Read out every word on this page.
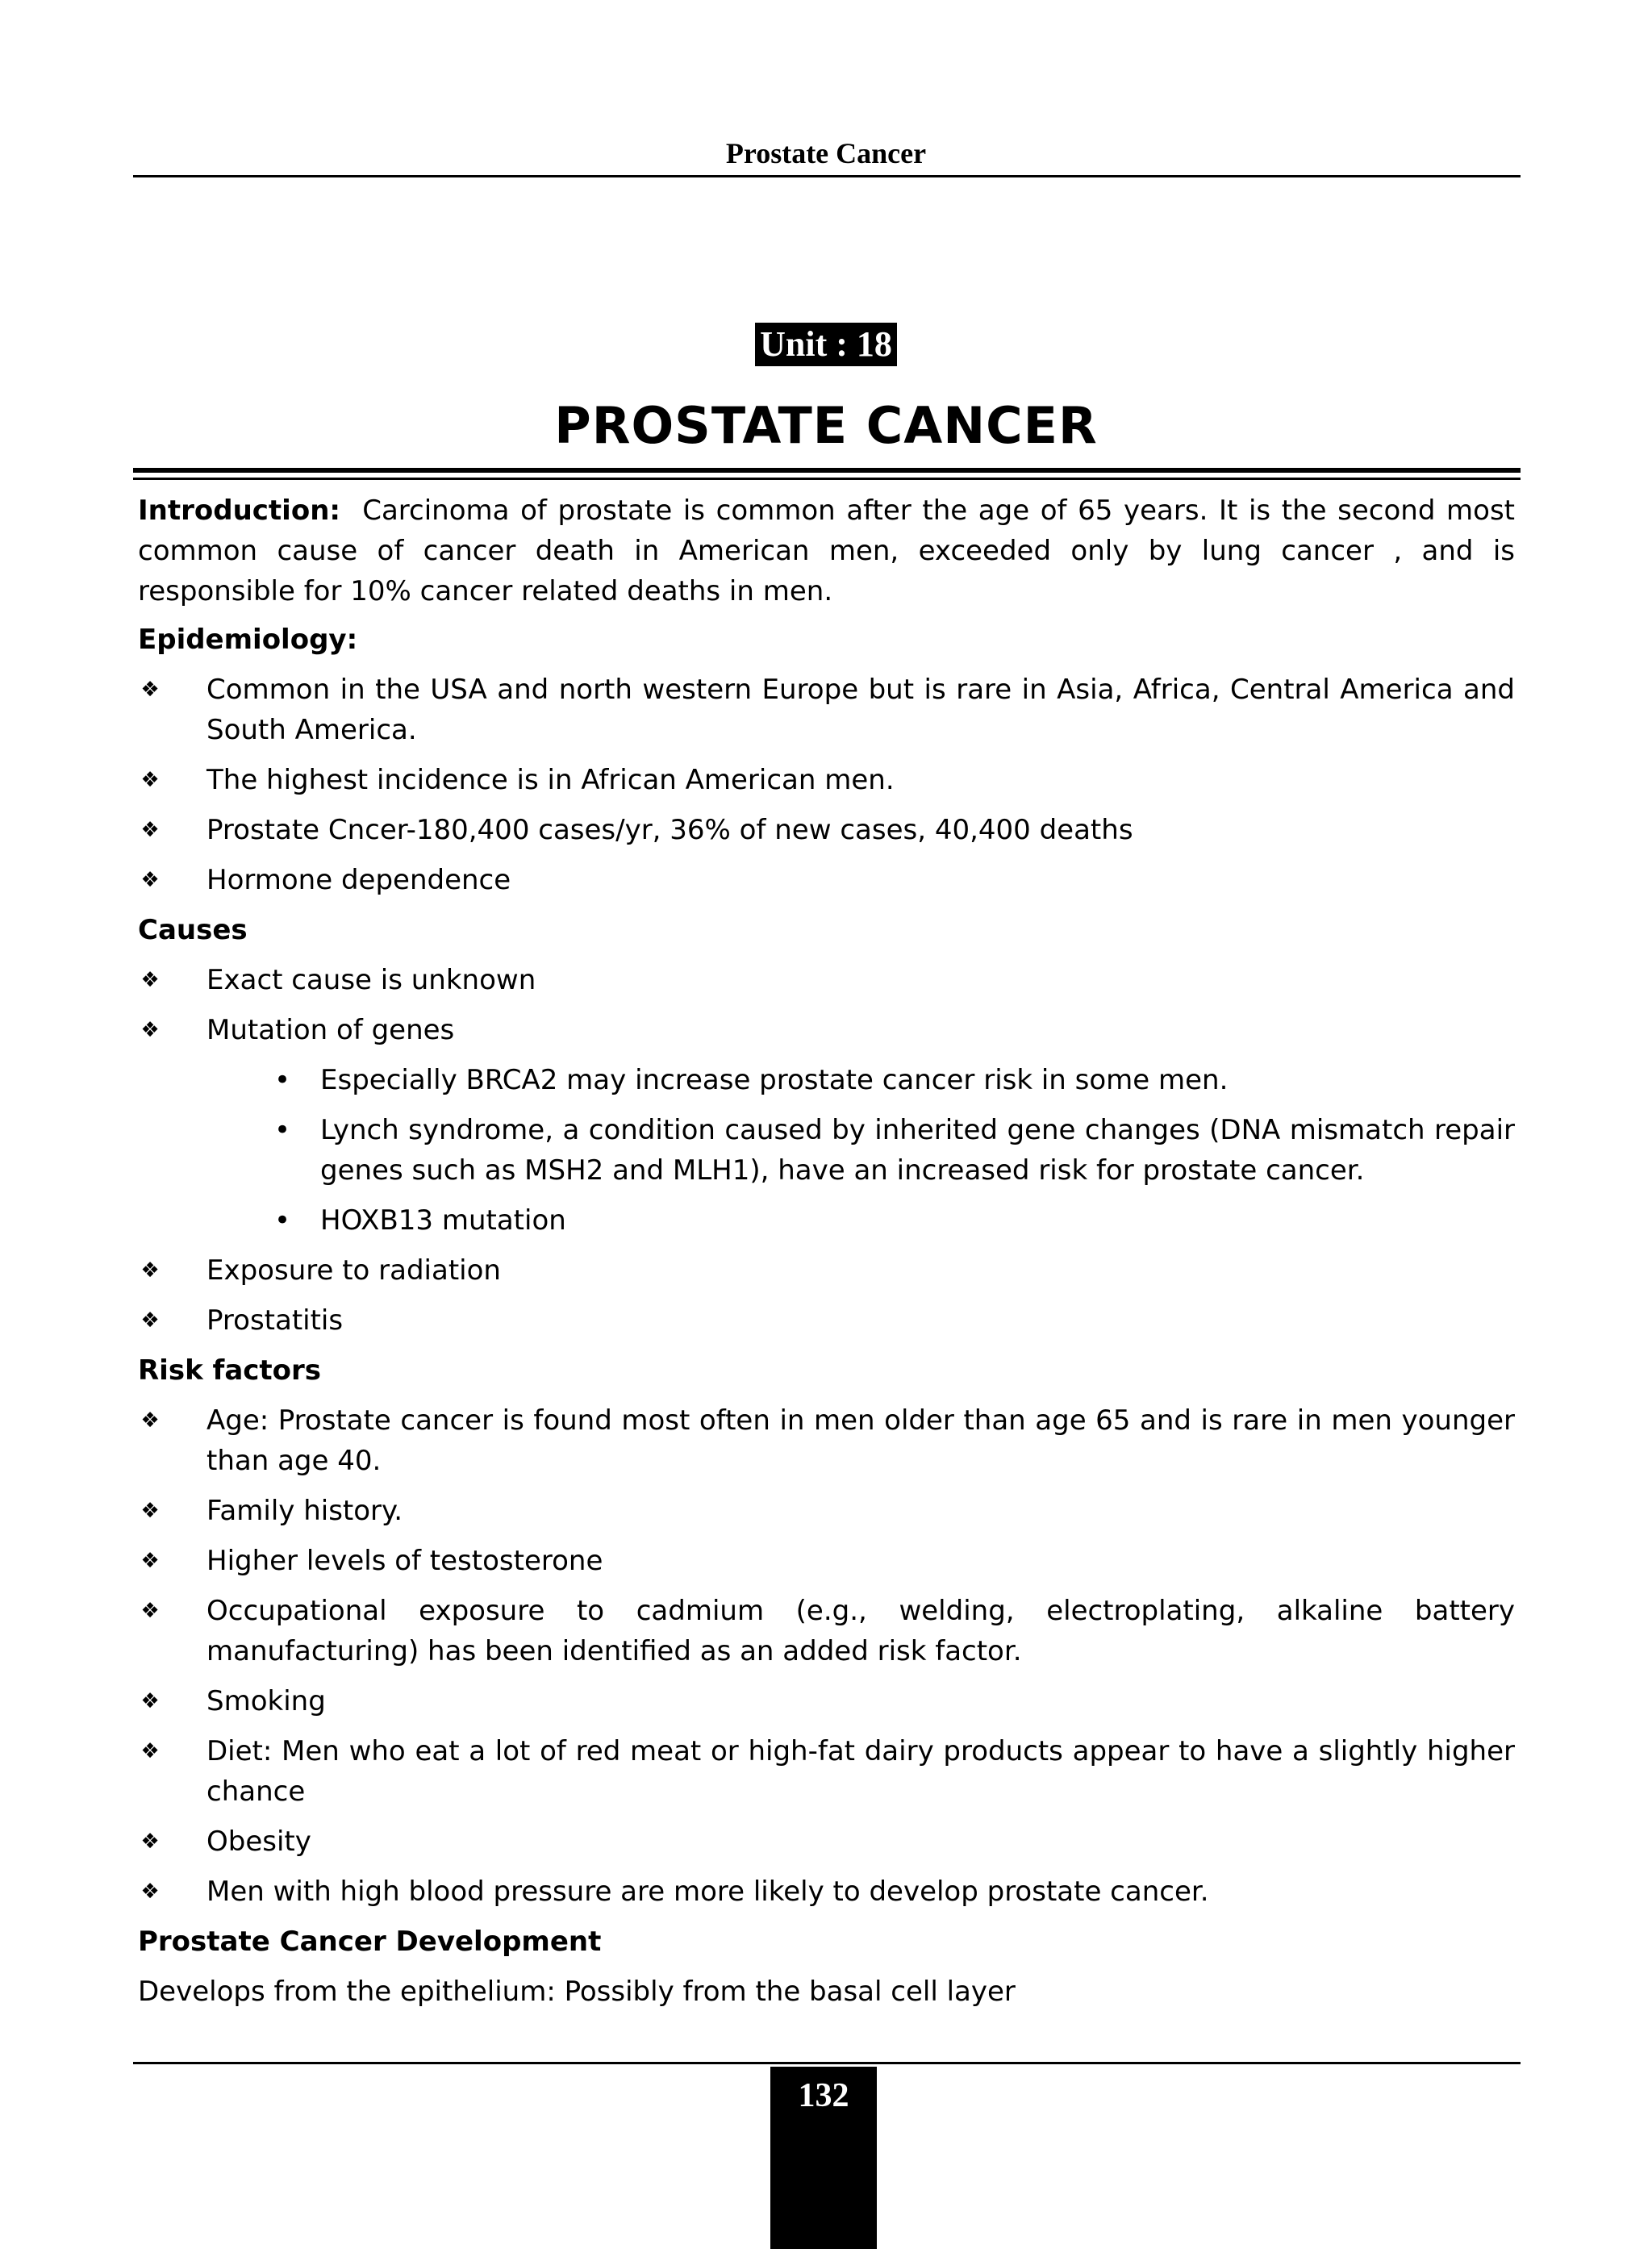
Prostate Cancer
Unit : 18
PROSTATE CANCER

Introduction: Carcinoma of prostate is common after the age of 65 years. It is the second most common cause of cancer death in American men, exceeded only by lung cancer , and is responsible for 10% cancer related deaths in men.

Epidemiology:
❖ Common in the USA and north western Europe but is rare in Asia, Africa, Central America and South America.
❖ The highest incidence is in African American men.
❖ Prostate Cncer-180,400 cases/yr, 36% of new cases, 40,400 deaths
❖ Hormone dependence
Causes
❖ Exact cause is unknown
❖ Mutation of genes
• Especially BRCA2 may increase prostate cancer risk in some men.
• Lynch syndrome, a condition caused by inherited gene changes (DNA mismatch repair genes such as MSH2 and MLH1), have an increased risk for prostate cancer.
• HOXB13 mutation
❖ Exposure to radiation
❖ Prostatitis
Risk factors
❖ Age: Prostate cancer is found most often in men older than age 65 and is rare in men younger than age 40.
❖ Family history.
❖ Higher levels of testosterone
❖ Occupational exposure to cadmium (e.g., welding, electroplating, alkaline battery manufacturing) has been identified as an added risk factor.
❖ Smoking
❖ Diet: Men who eat a lot of red meat or high-fat dairy products appear to have a slightly higher chance
❖ Obesity
❖ Men with high blood pressure are more likely to develop prostate cancer.
Prostate Cancer Development

Develops from the epithelium: Possibly from the basal cell layer

132
